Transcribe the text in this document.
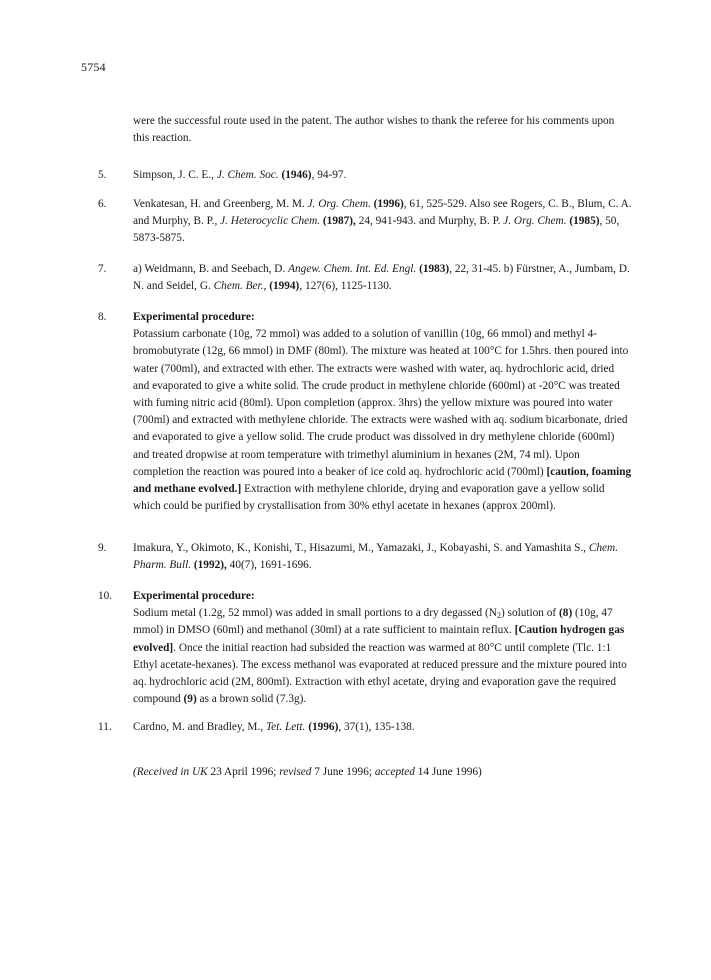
5754
were the successful route used in the patent. The author wishes to thank the referee for his comments upon this reaction.
5.	Simpson, J. C. E., J. Chem. Soc. (1946), 94-97.
6.	Venkatesan, H. and Greenberg, M. M. J. Org. Chem. (1996), 61, 525-529. Also see Rogers, C. B., Blum, C. A. and Murphy, B. P., J. Heterocyclic Chem. (1987), 24, 941-943. and Murphy, B. P. J. Org. Chem. (1985), 50, 5873-5875.
7.	a) Weidmann, B. and Seebach, D. Angew. Chem. Int. Ed. Engl. (1983), 22, 31-45. b) Fürstner, A., Jumbam, D. N. and Seidel, G. Chem. Ber., (1994), 127(6), 1125-1130.
8.	Experimental procedure:
Potassium carbonate (10g, 72 mmol) was added to a solution of vanillin (10g, 66 mmol) and methyl 4-bromobutyrate (12g, 66 mmol) in DMF (80ml). The mixture was heated at 100°C for 1.5hrs. then poured into water (700ml), and extracted with ether. The extracts were washed with water, aq. hydrochloric acid, dried and evaporated to give a white solid. The crude product in methylene chloride (600ml) at -20°C was treated with fuming nitric acid (80ml). Upon completion (approx. 3hrs) the yellow mixture was poured into water (700ml) and extracted with methylene chloride. The extracts were washed with aq. sodium bicarbonate, dried and evaporated to give a yellow solid. The crude product was dissolved in dry methylene chloride (600ml) and treated dropwise at room temperature with trimethyl aluminium in hexanes (2M, 74 ml). Upon completion the reaction was poured into a beaker of ice cold aq. hydrochloric acid (700ml) [caution, foaming and methane evolved.] Extraction with methylene chloride, drying and evaporation gave a yellow solid which could be purified by crystallisation from 30% ethyl acetate in hexanes (approx 200ml).
9.	Imakura, Y., Okimoto, K., Konishi, T., Hisazumi, M., Yamazaki, J., Kobayashi, S. and Yamashita S., Chem. Pharm. Bull. (1992), 40(7), 1691-1696.
10.	Experimental procedure:
Sodium metal (1.2g, 52 mmol) was added in small portions to a dry degassed $(N_2)$ solution of (8) (10g, 47 mmol) in DMSO (60ml) and methanol (30ml) at a rate sufficient to maintain reflux. [Caution hydrogen gas evolved]. Once the initial reaction had subsided the reaction was warmed at 80°C until complete (Tlc. 1:1 Ethyl acetate-hexanes). The excess methanol was evaporated at reduced pressure and the mixture poured into aq. hydrochloric acid (2M, 800ml). Extraction with ethyl acetate, drying and evaporation gave the required compound (9) as a brown solid (7.3g).
11.	Cardno, M. and Bradley, M., Tet. Lett. (1996), 37(1), 135-138.
(Received in UK 23 April 1996; revised 7 June 1996; accepted 14 June 1996)
